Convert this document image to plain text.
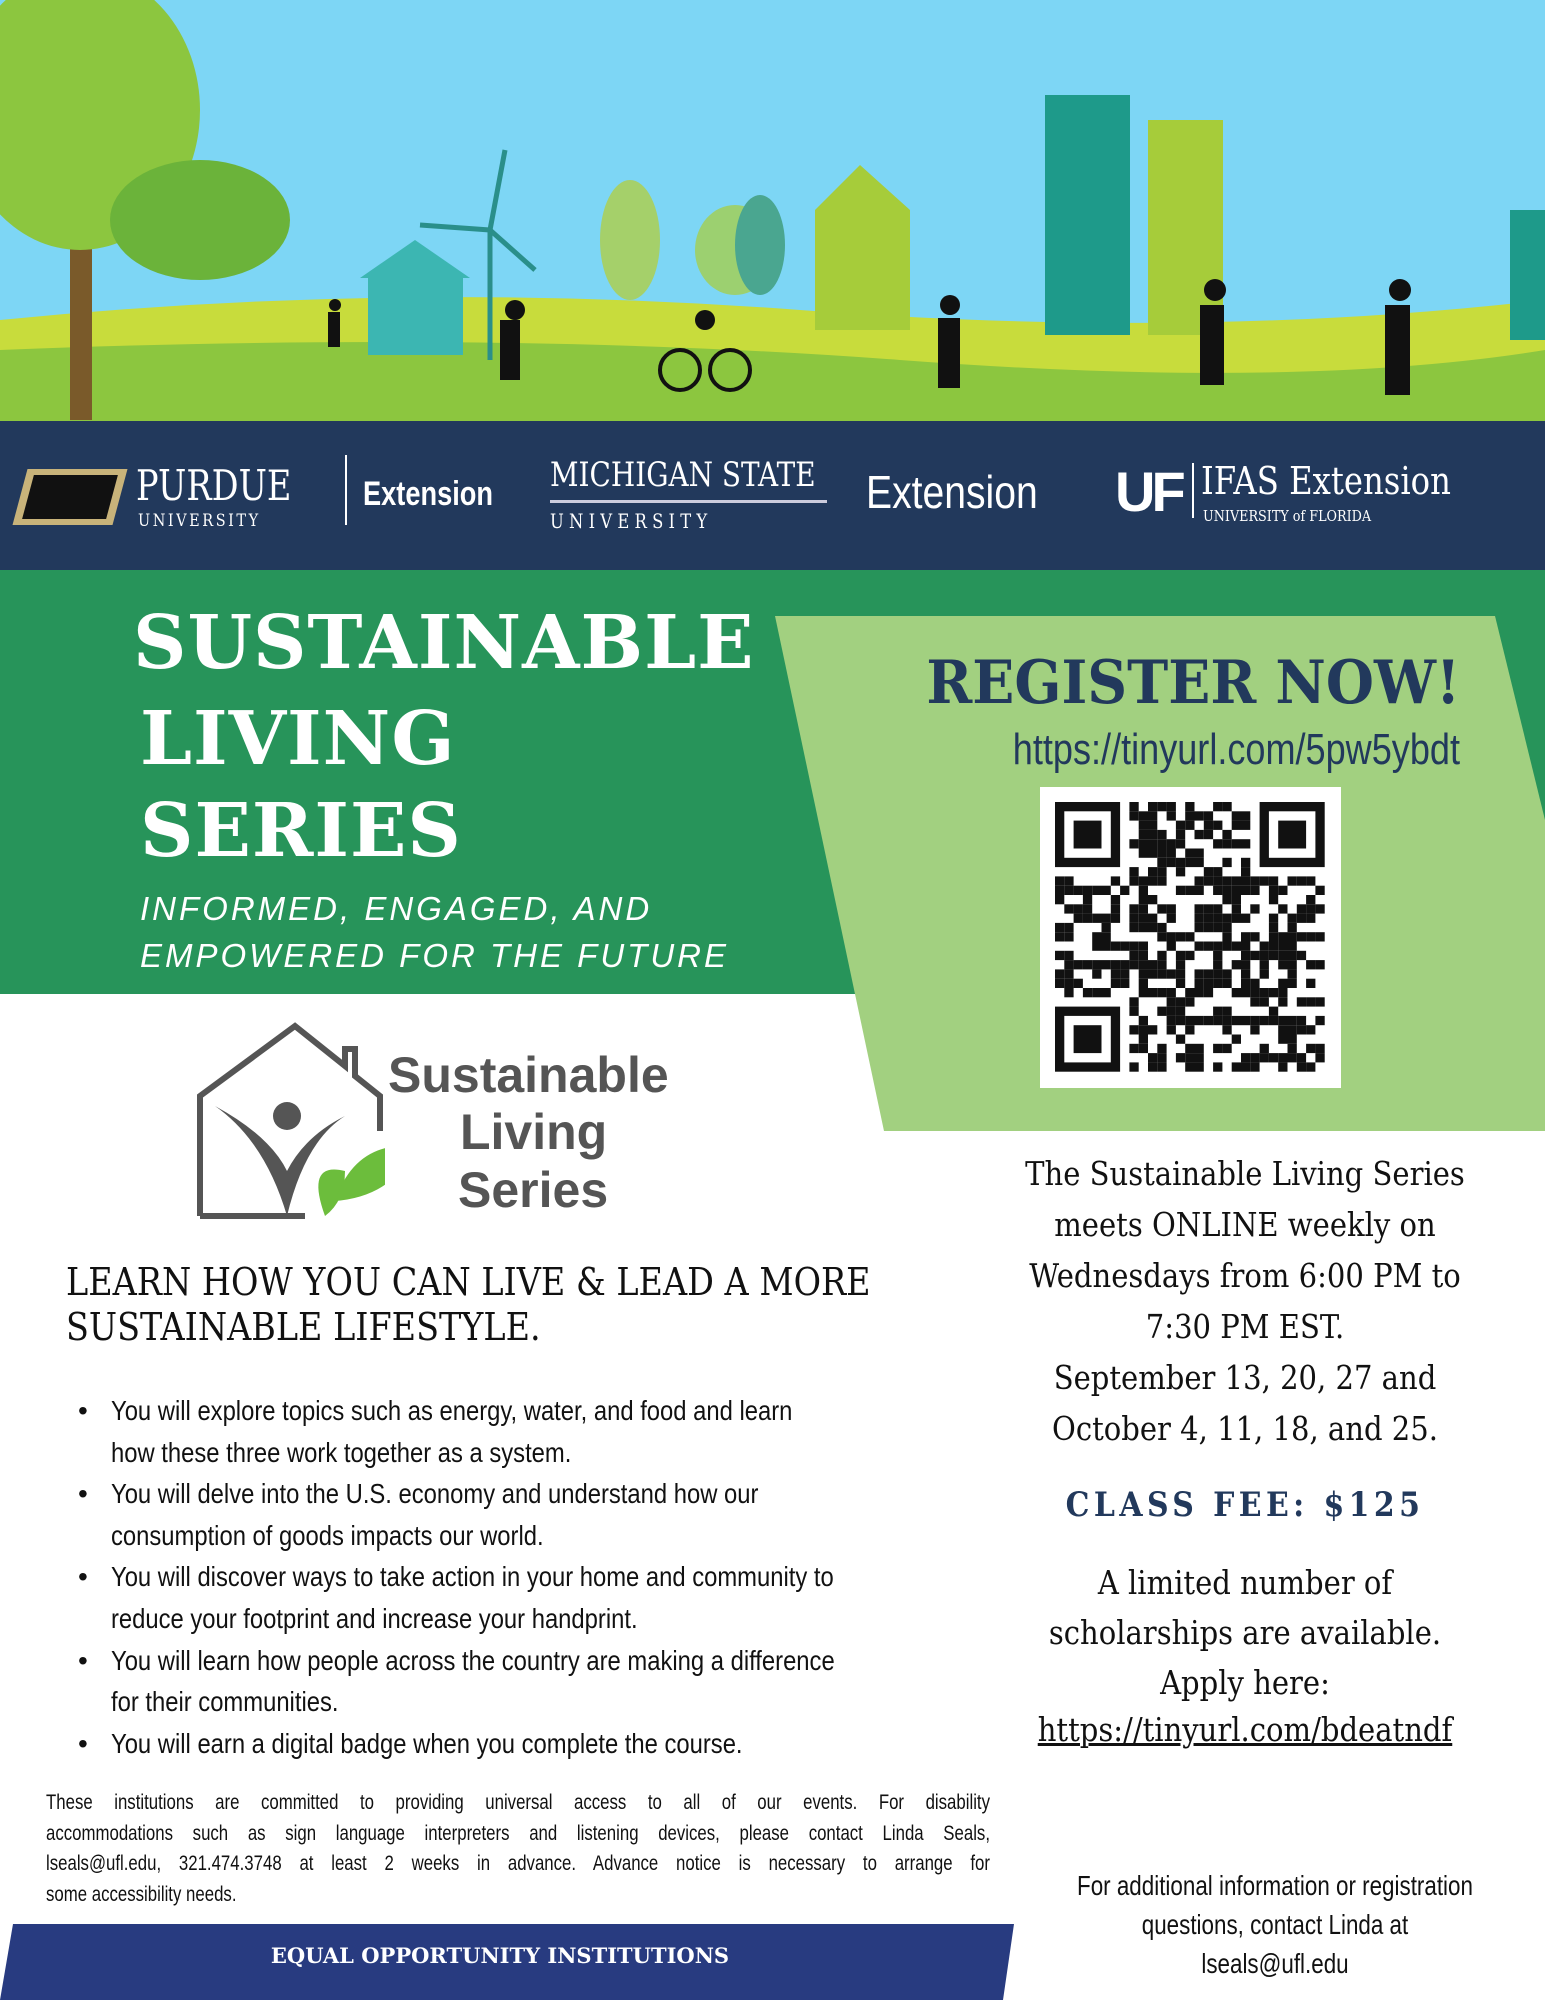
PURDUE
UNIVERSITY
Extension MICHIGAN STATE
U N I V E R S I T Y
Extension UF IFAS Extension
UNIVERSITY of FLORIDA
SUSTAINABLE
LIVING
SERIES
INFORMED, ENGAGED, AND
EMPOWERED FOR THE FUTURE
REGISTER NOW!
https://tinyurl.com/5pw5ybdt
Sustainable
Living
Series
LEARN HOW YOU CAN LIVE & LEAD A MORE
SUSTAINABLE LIFESTYLE.
• You will explore topics such as energy, water, and food and learn
how these three work together as a system.
• You will delve into the U.S. economy and understand how our
consumption of goods impacts our world.
• You will discover ways to take action in your home and community to
reduce your footprint and increase your handprint.
• You will learn how people across the country are making a difference
for their communities.
• You will earn a digital badge when you complete the course.
The Sustainable Living Series
meets ONLINE weekly on
Wednesdays from 6:00 PM to
7:30 PM EST.
September 13, 20, 27 and
October 4, 11, 18, and 25.
CLASS FEE: $125
A limited number of
scholarships are available.
Apply here:
https://tinyurl.com/bdeatndf
These institutions are committed to providing universal access to all of our events. For disability
accommodations such as sign language interpreters and listening devices, please contact Linda Seals,
lseals@ufl.edu, 321.474.3748 at least 2 weeks in advance. Advance notice is necessary to arrange for
some accessibility needs.
EQUAL OPPORTUNITY INSTITUTIONS
For additional information or registration
questions, contact Linda at
lseals@ufl.edu
